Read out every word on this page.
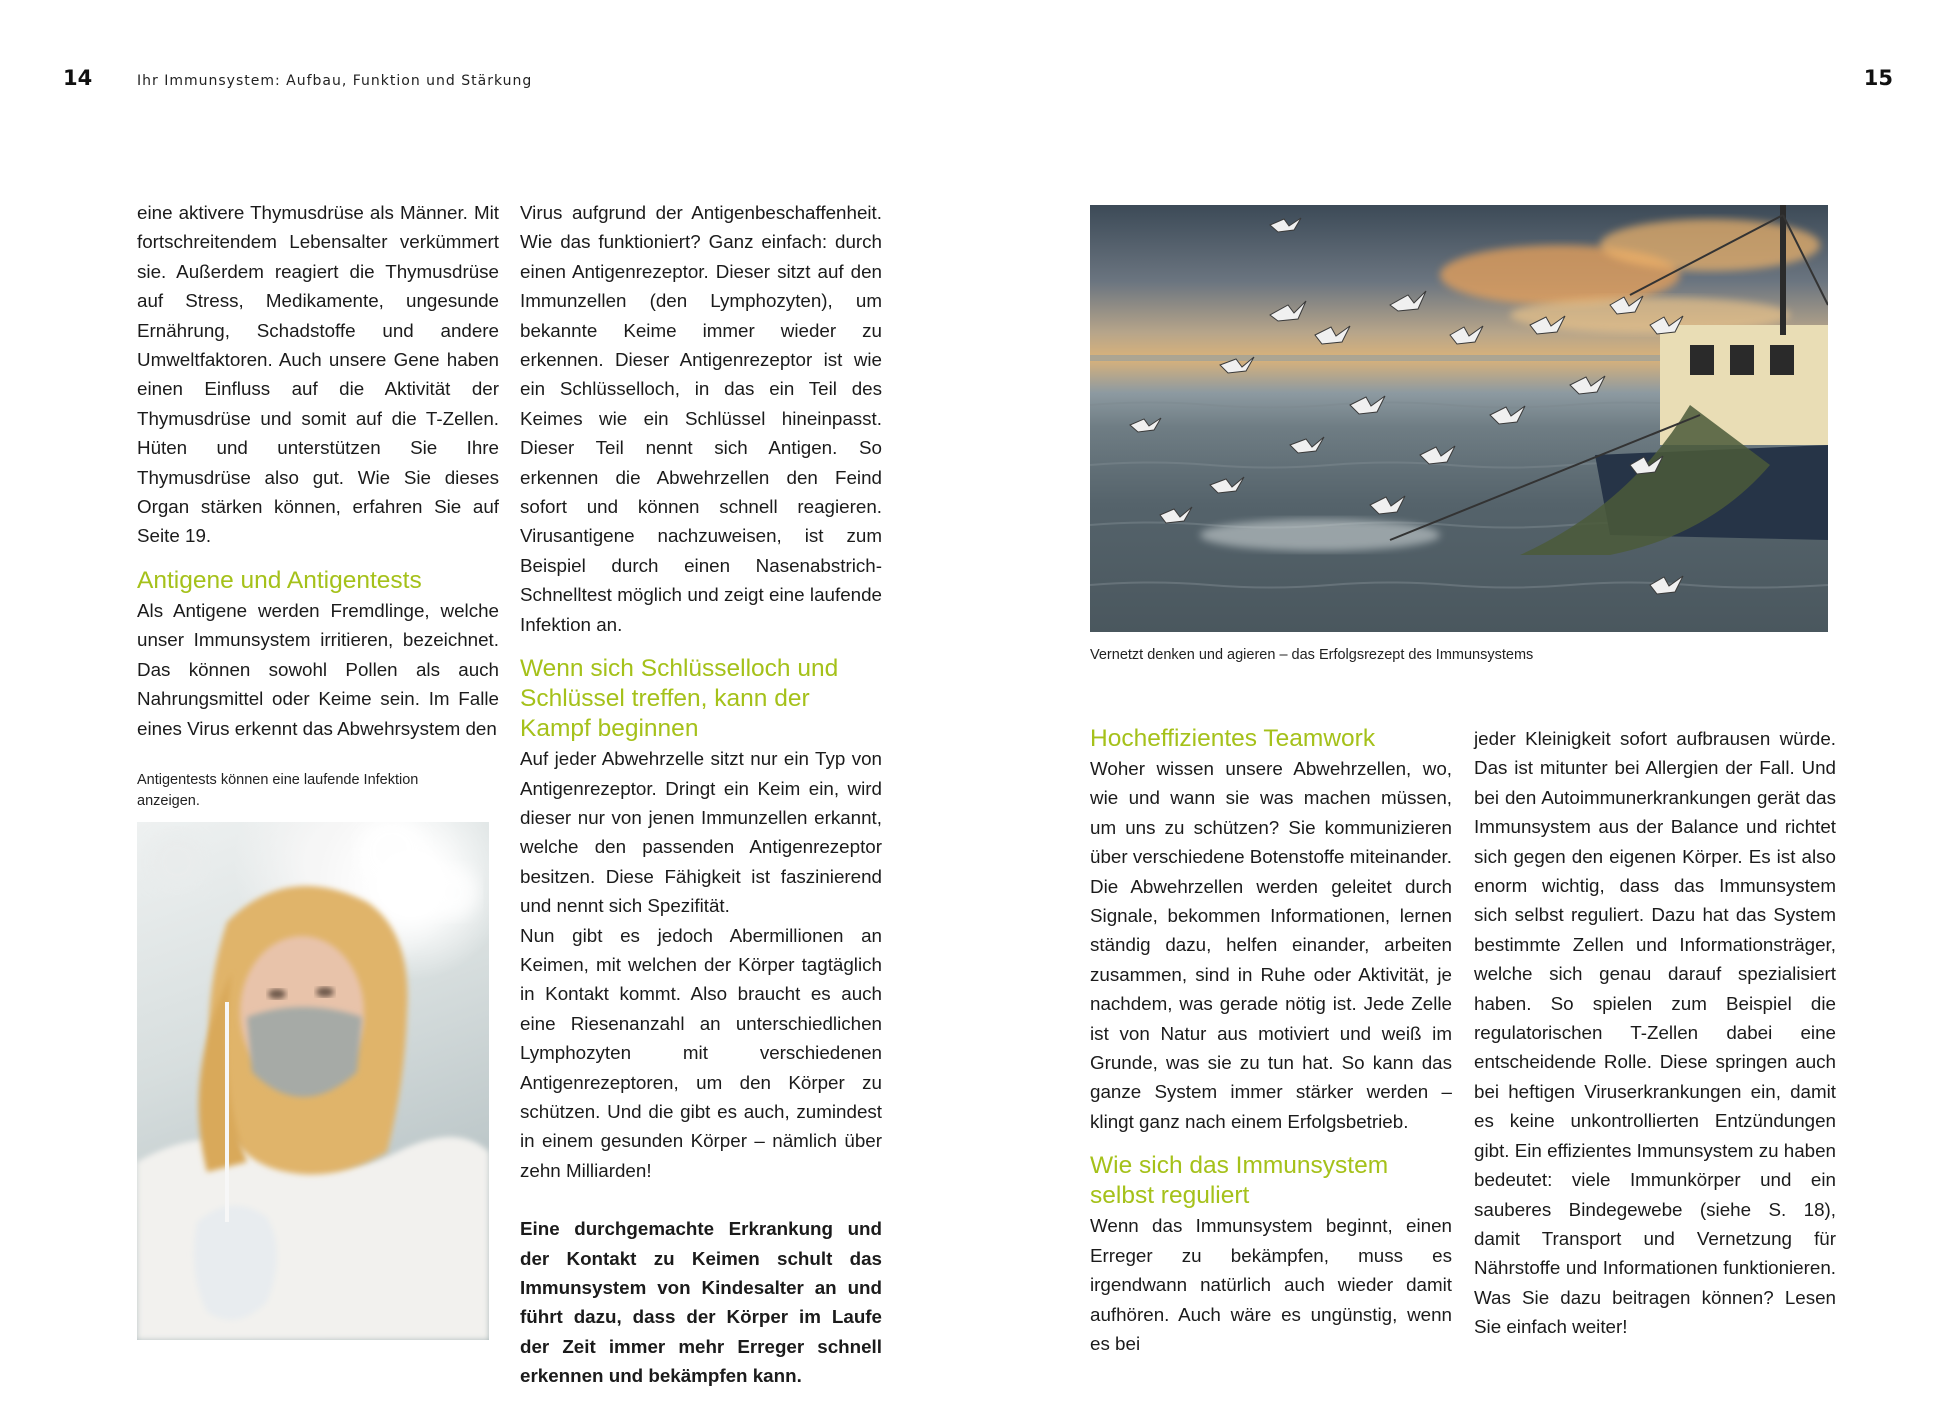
14	Ihr Immunsystem: Aufbau, Funktion und Stärkung

eine aktivere Thymusdrüse als Männer. Mit fortschreitendem Lebensalter verkümmert sie. Außerdem reagiert die Thymusdrüse auf Stress, Medikamente, ungesunde Ernährung, Schadstoffe und andere Umweltfaktoren. Auch unsere Gene haben einen Einfluss auf die Aktivität der Thymusdrüse und somit auf die T-Zellen. Hüten und unterstützen Sie Ihre Thymusdrüse also gut. Wie Sie dieses Organ stärken können, erfahren Sie auf Seite 19.

Antigene und Antigentests

Als Antigene werden Fremdlinge, welche unser Immunsystem irritieren, bezeichnet. Das können sowohl Pollen als auch Nahrungsmittel oder Keime sein. Im Falle eines Virus erkennt das Abwehrsystem den

Antigentests können eine laufende Infektion anzeigen.

Virus aufgrund der Antigenbeschaffenheit. Wie das funktioniert? Ganz einfach: durch einen Antigenrezeptor. Dieser sitzt auf den Immunzellen (den Lymphozyten), um bekannte Keime immer wieder zu erkennen. Dieser Antigenrezeptor ist wie ein Schlüsselloch, in das ein Teil des Keimes wie ein Schlüssel hineinpasst. Dieser Teil nennt sich Antigen. So erkennen die Abwehrzellen den Feind sofort und können schnell reagieren. Virusantigene nachzuweisen, ist zum Beispiel durch einen Nasenabstrich-Schnelltest möglich und zeigt eine laufende Infektion an.

Wenn sich Schlüsselloch und Schlüssel treffen, kann der Kampf beginnen

Auf jeder Abwehrzelle sitzt nur ein Typ von Antigenrezeptor. Dringt ein Keim ein, wird dieser nur von jenen Immunzellen erkannt, welche den passenden Antigenrezeptor besitzen. Diese Fähigkeit ist faszinierend und nennt sich Spezifität.

Nun gibt es jedoch Abermillionen an Keimen, mit welchen der Körper tagtäglich in Kontakt kommt. Also braucht es auch eine Riesenanzahl an unterschiedlichen Lymphozyten mit verschiedenen Antigenrezeptoren, um den Körper zu schützen. Und die gibt es auch, zumindest in einem gesunden Körper – nämlich über zehn Milliarden!

Eine durchgemachte Erkrankung und der Kontakt zu Keimen schult das Immunsystem von Kindesalter an und führt dazu, dass der Körper im Laufe der Zeit immer mehr Erreger schnell erkennen und bekämpfen kann.

15
Vernetzt denken und agieren – das Erfolgsrezept des Immunsystems
Hocheffizientes Teamwork

Woher wissen unsere Abwehrzellen, wo, wie und wann sie was machen müssen, um uns zu schützen? Sie kommunizieren über verschiedene Botenstoffe miteinander. Die Abwehrzellen werden geleitet durch Signale, bekommen Informationen, lernen ständig dazu, helfen einander, arbeiten zusammen, sind in Ruhe oder Aktivität, je nachdem, was gerade nötig ist. Jede Zelle ist von Natur aus motiviert und weiß im Grunde, was sie zu tun hat. So kann das ganze System immer stärker werden – klingt ganz nach einem Erfolgsbetrieb.

Wie sich das Immunsystem selbst reguliert

Wenn das Immunsystem beginnt, einen Erreger zu bekämpfen, muss es irgendwann natürlich auch wieder damit aufhören. Auch wäre es ungünstig, wenn es bei

jeder Kleinigkeit sofort aufbrausen würde. Das ist mitunter bei Allergien der Fall. Und bei den Autoimmunerkrankungen gerät das Immunsystem aus der Balance und richtet sich gegen den eigenen Körper. Es ist also enorm wichtig, dass das Immunsystem sich selbst reguliert. Dazu hat das System bestimmte Zellen und Informationsträger, welche sich genau darauf spezialisiert haben. So spielen zum Beispiel die regulatorischen T-Zellen dabei eine entscheidende Rolle. Diese springen auch bei heftigen Viruserkrankungen ein, damit es keine unkontrollierten Entzündungen gibt. Ein effizientes Immunsystem zu haben bedeutet: viele Immunkörper und ein sauberes Bindegewebe (siehe S. 18), damit Transport und Vernetzung für Nährstoffe und Informationen funktionieren. Was Sie dazu beitragen können? Lesen Sie einfach weiter!
